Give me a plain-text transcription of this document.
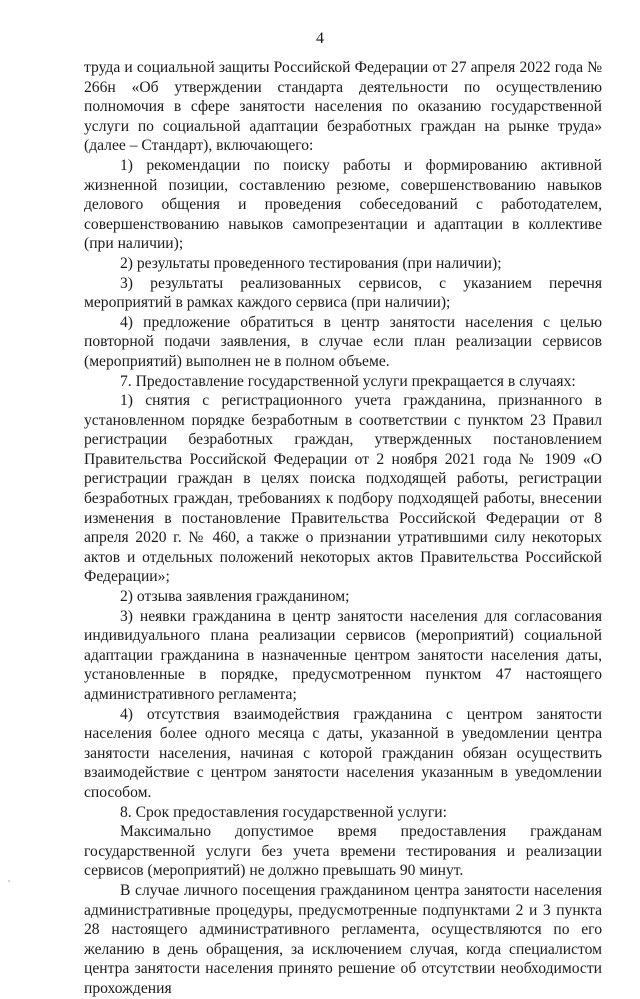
4

труда и социальной защиты Российской Федерации от 27 апреля 2022 года № 266н «Об утверждении стандарта деятельности по осуществлению полномочия в сфере занятости населения по оказанию государственной услуги по социальной адаптации безработных граждан на рынке труда» (далее – Стандарт), включающего:

1) рекомендации по поиску работы и формированию активной жизненной позиции, составлению резюме, совершенствованию навыков делового общения и проведения собеседований с работодателем, совершенствованию навыков самопрезентации и адаптации в коллективе (при наличии);

2) результаты проведенного тестирования (при наличии);

3) результаты реализованных сервисов, с указанием перечня мероприятий в рамках каждого сервиса (при наличии);

4) предложение обратиться в центр занятости населения с целью повторной подачи заявления, в случае если план реализации сервисов (мероприятий) выполнен не в полном объеме.

7. Предоставление государственной услуги прекращается в случаях:

1) снятия с регистрационного учета гражданина, признанного в установленном порядке безработным в соответствии с пунктом 23 Правил регистрации безработных граждан, утвержденных постановлением Правительства Российской Федерации от 2 ноября 2021 года № 1909 «О регистрации граждан в целях поиска подходящей работы, регистрации безработных граждан, требованиях к подбору подходящей работы, внесении изменения в постановление Правительства Российской Федерации от 8 апреля 2020 г. № 460, а также о признании утратившими силу некоторых актов и отдельных положений некоторых актов Правительства Российской Федерации»;

2) отзыва заявления гражданином;

3) неявки гражданина в центр занятости населения для согласования индивидуального плана реализации сервисов (мероприятий) социальной адаптации гражданина в назначенные центром занятости населения даты, установленные в порядке, предусмотренном пунктом 47 настоящего административного регламента;

4) отсутствия взаимодействия гражданина с центром занятости населения более одного месяца с даты, указанной в уведомлении центра занятости населения, начиная с которой гражданин обязан осуществить взаимодействие с центром занятости населения указанным в уведомлении способом.

8. Срок предоставления государственной услуги:

Максимально допустимое время предоставления гражданам государственной услуги без учета времени тестирования и реализации сервисов (мероприятий) не должно превышать 90 минут.

В случае личного посещения гражданином центра занятости населения административные процедуры, предусмотренные подпунктами 2 и 3 пункта 28 настоящего административного регламента, осуществляются по его желанию в день обращения, за исключением случая, когда специалистом центра занятости населения принято решение об отсутствии необходимости прохождения
